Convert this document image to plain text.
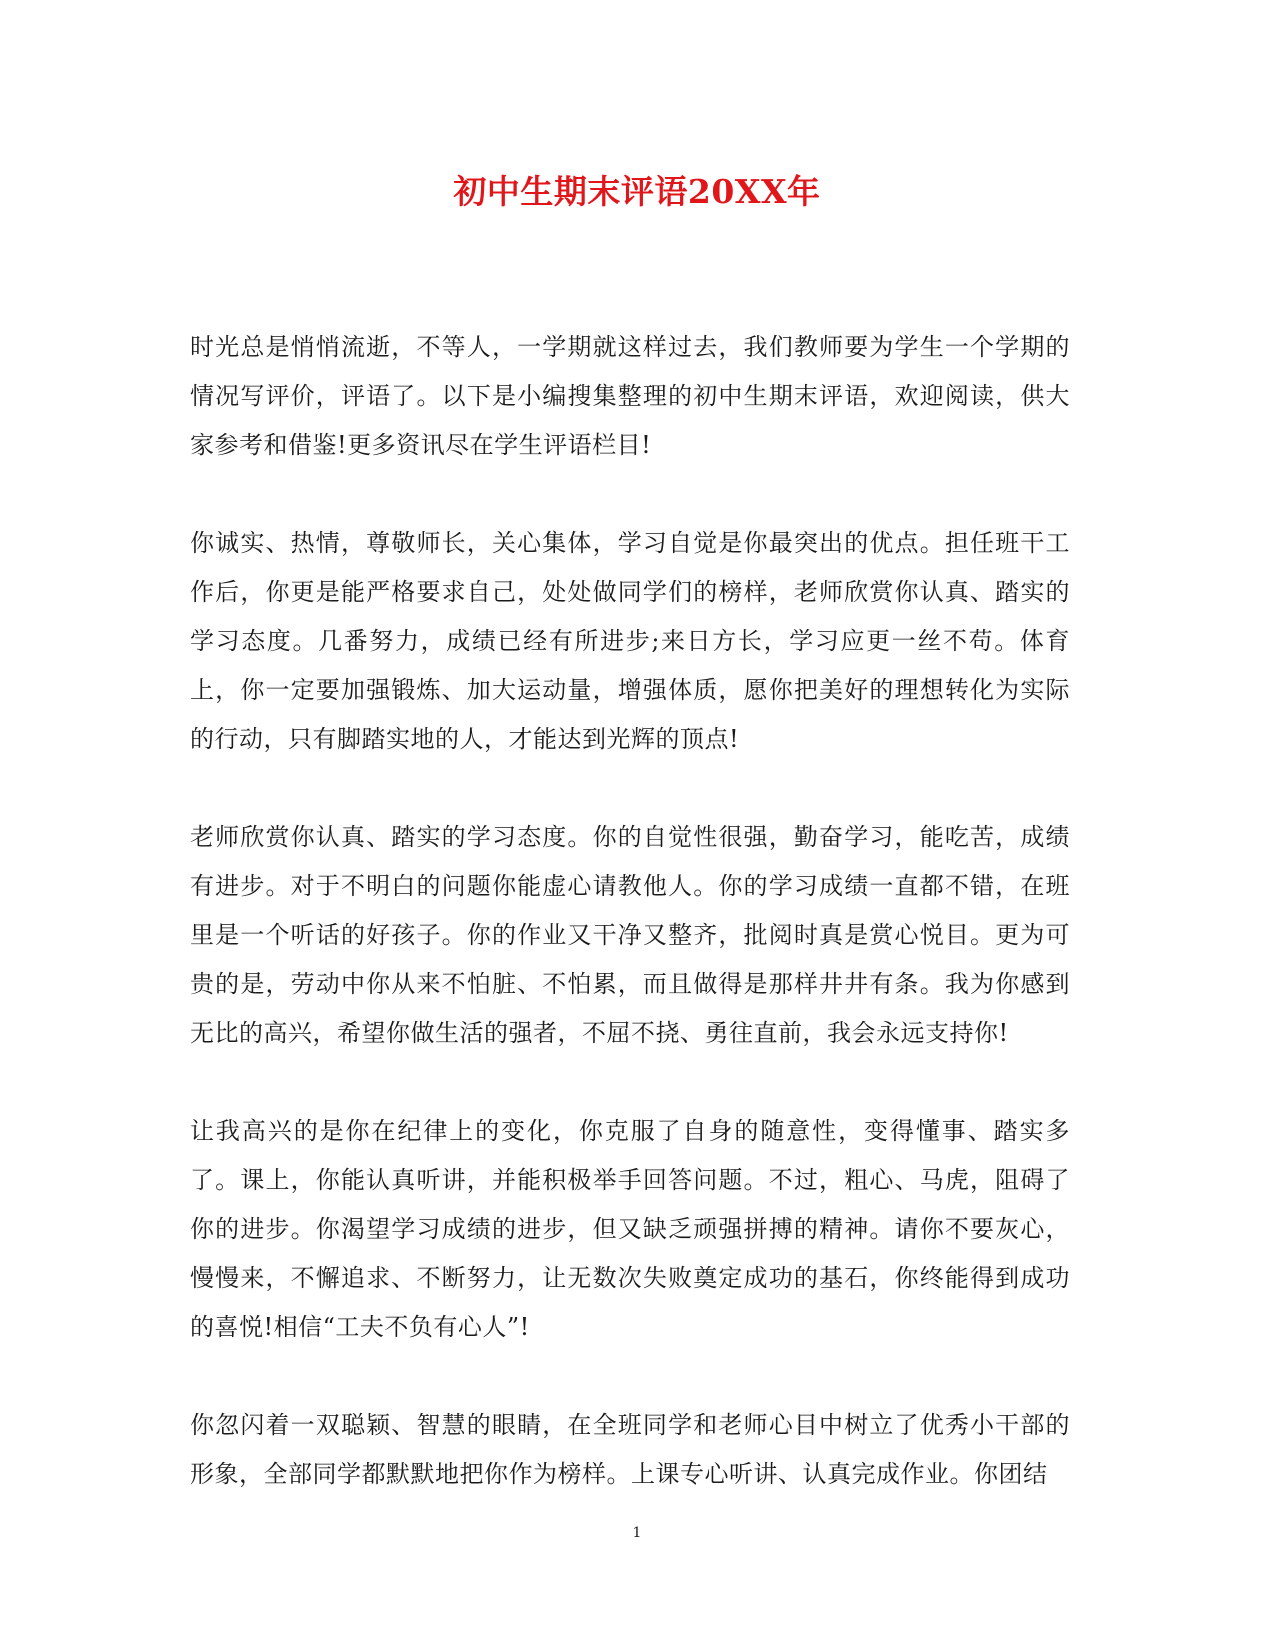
初中生期末评语20XX年

时光总是悄悄流逝，不等人，一学期就这样过去，我们教师要为学生一个学期的情况写评价，评语了。以下是小编搜集整理的初中生期末评语，欢迎阅读，供大家参考和借鉴!更多资讯尽在学生评语栏目!

你诚实、热情，尊敬师长，关心集体，学习自觉是你最突出的优点。担任班干工作后，你更是能严格要求自己，处处做同学们的榜样，老师欣赏你认真、踏实的学习态度。几番努力，成绩已经有所进步;来日方长，学习应更一丝不苟。体育上，你一定要加强锻炼、加大运动量，增强体质，愿你把美好的理想转化为实际的行动，只有脚踏实地的人，才能达到光辉的顶点!

老师欣赏你认真、踏实的学习态度。你的自觉性很强，勤奋学习，能吃苦，成绩有进步。对于不明白的问题你能虚心请教他人。你的学习成绩一直都不错，在班里是一个听话的好孩子。你的作业又干净又整齐，批阅时真是赏心悦目。更为可贵的是，劳动中你从来不怕脏、不怕累，而且做得是那样井井有条。我为你感到无比的高兴，希望你做生活的强者，不屈不挠、勇往直前，我会永远支持你!

让我高兴的是你在纪律上的变化，你克服了自身的随意性，变得懂事、踏实多了。课上，你能认真听讲，并能积极举手回答问题。不过，粗心、马虎，阻碍了你的进步。你渴望学习成绩的进步，但又缺乏顽强拼搏的精神。请你不要灰心，慢慢来，不懈追求、不断努力，让无数次失败奠定成功的基石，你终能得到成功的喜悦!相信“工夫不负有心人”!

你忽闪着一双聪颖、智慧的眼睛，在全班同学和老师心目中树立了优秀小干部的形象，全部同学都默默地把你作为榜样。上课专心听讲、认真完成作业。你团结

1
